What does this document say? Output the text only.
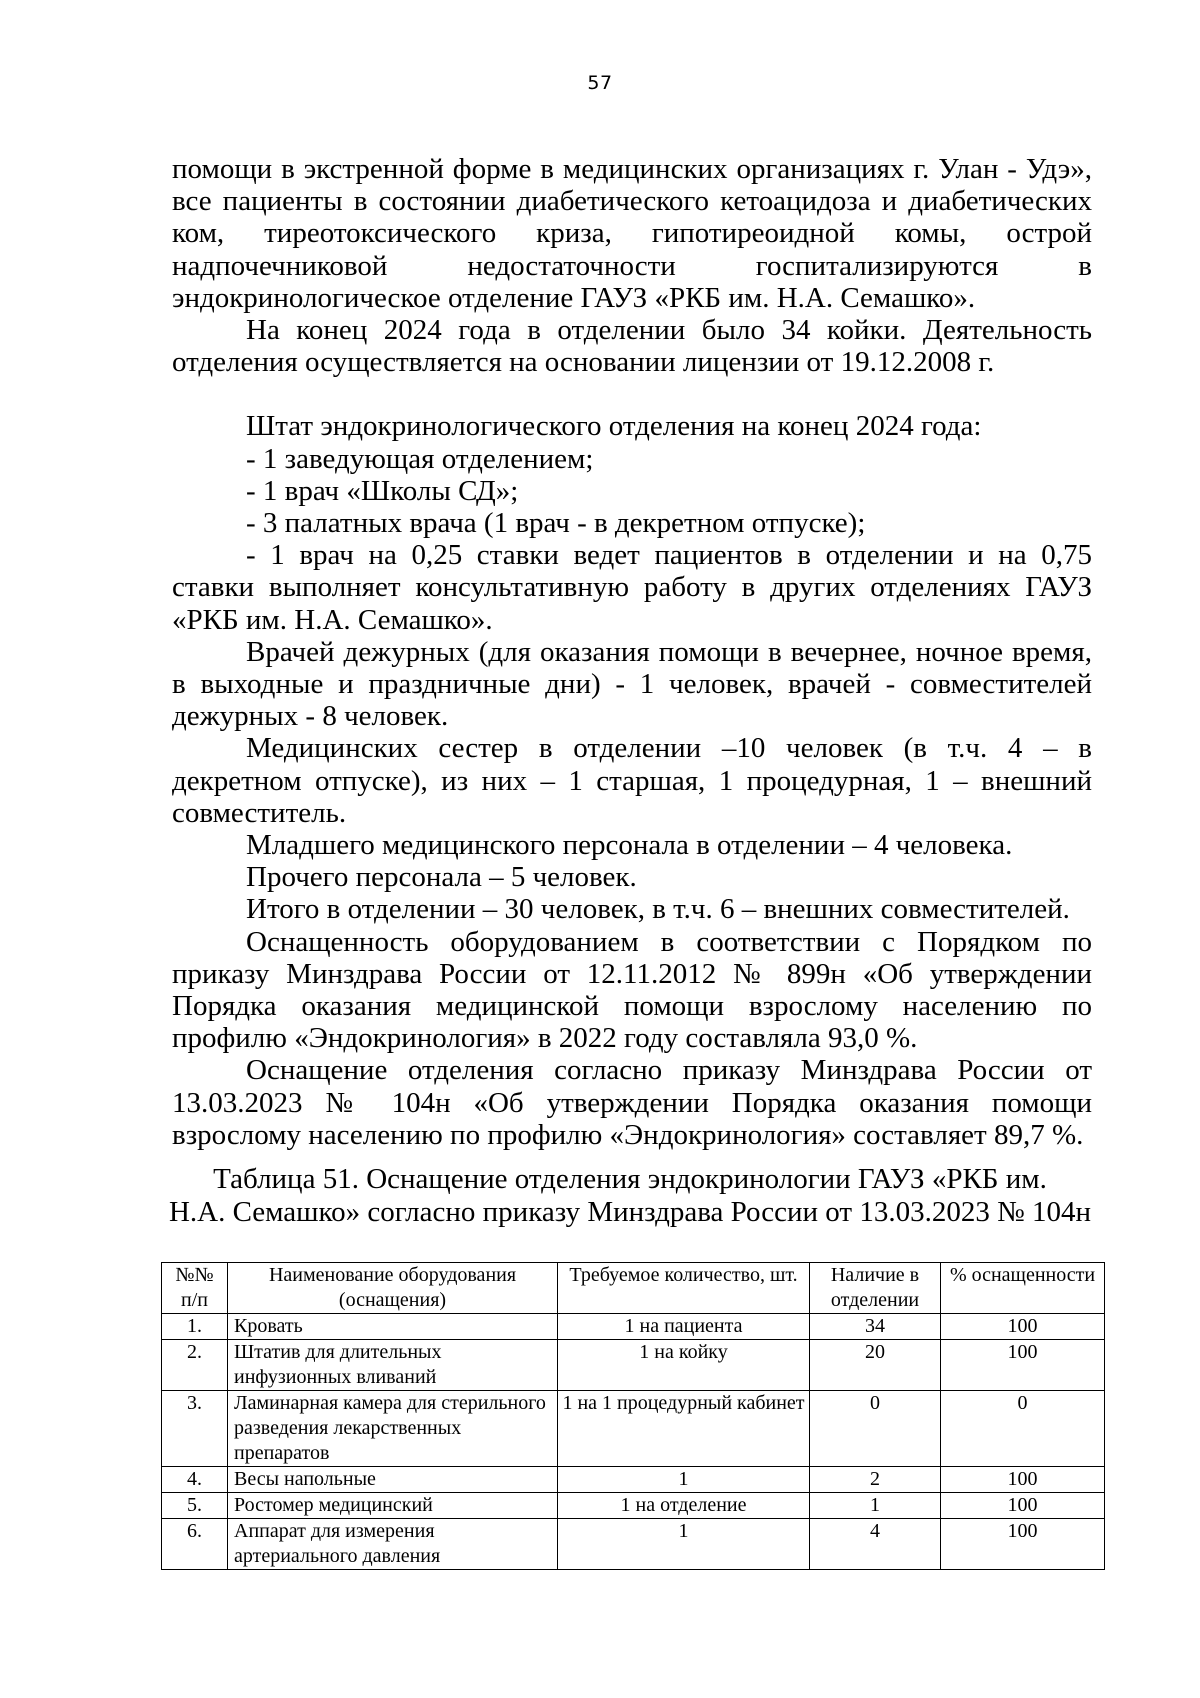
57

помощи в экстренной форме в медицинских организациях г. Улан - Удэ», все пациенты в состоянии диабетического кетоацидоза и диабетических ком, тиреотоксического криза, гипотиреоидной комы, острой надпочечниковой недостаточности госпитализируются в эндокринологическое отделение ГАУЗ «РКБ им. Н.А. Семашко».

На конец 2024 года в отделении было 34 койки. Деятельность отделения осуществляется на основании лицензии от 19.12.2008 г.

Штат эндокринологического отделения на конец 2024 года:

- 1 заведующая отделением;

- 1 врач «Школы СД»;

- 3 палатных врача (1 врач - в декретном отпуске);

- 1 врач на 0,25 ставки ведет пациентов в отделении и на 0,75 ставки выполняет консультативную работу в других отделениях ГАУЗ «РКБ им. Н.А. Семашко».

Врачей дежурных (для оказания помощи в вечернее, ночное время, в выходные и праздничные дни) - 1 человек, врачей - совместителей дежурных - 8 человек.

Медицинских сестер в отделении –10 человек (в т.ч. 4 – в декретном отпуске), из них – 1 старшая, 1 процедурная, 1 – внешний совместитель.

Младшего медицинского персонала в отделении – 4 человека.

Прочего персонала – 5 человек.

Итого в отделении – 30 человек, в т.ч. 6 – внешних совместителей.

Оснащенность оборудованием в соответствии с Порядком по приказу Минздрава России от 12.11.2012 № 899н «Об утверждении Порядка оказания медицинской помощи взрослому населению по профилю «Эндокринология» в 2022 году составляла 93,0 %.

Оснащение отделения согласно приказу Минздрава России от 13.03.2023 № 104н «Об утверждении Порядка оказания помощи взрослому населению по профилю «Эндокринология» составляет 89,7 %.

Таблица 51. Оснащение отделения эндокринологии ГАУЗ «РКБ им.
Н.А. Семашко» согласно приказу Минздрава России от 13.03.2023 № 104н
№№ п/п	Наименование оборудования (оснащения)	Требуемое количество, шт.	Наличие в отделении	% оснащенности
1.	Кровать	1 на пациента	34	100
2.	Штатив для длительных инфузионных вливаний	1 на койку	20	100
3.	Ламинарная камера для стерильного разведения лекарственных препаратов	1 на 1 процедурный кабинет	0	0
4.	Весы напольные	1	2	100
5.	Ростомер медицинский	1 на отделение	1	100
6.	Аппарат для измерения артериального давления	1	4	100
